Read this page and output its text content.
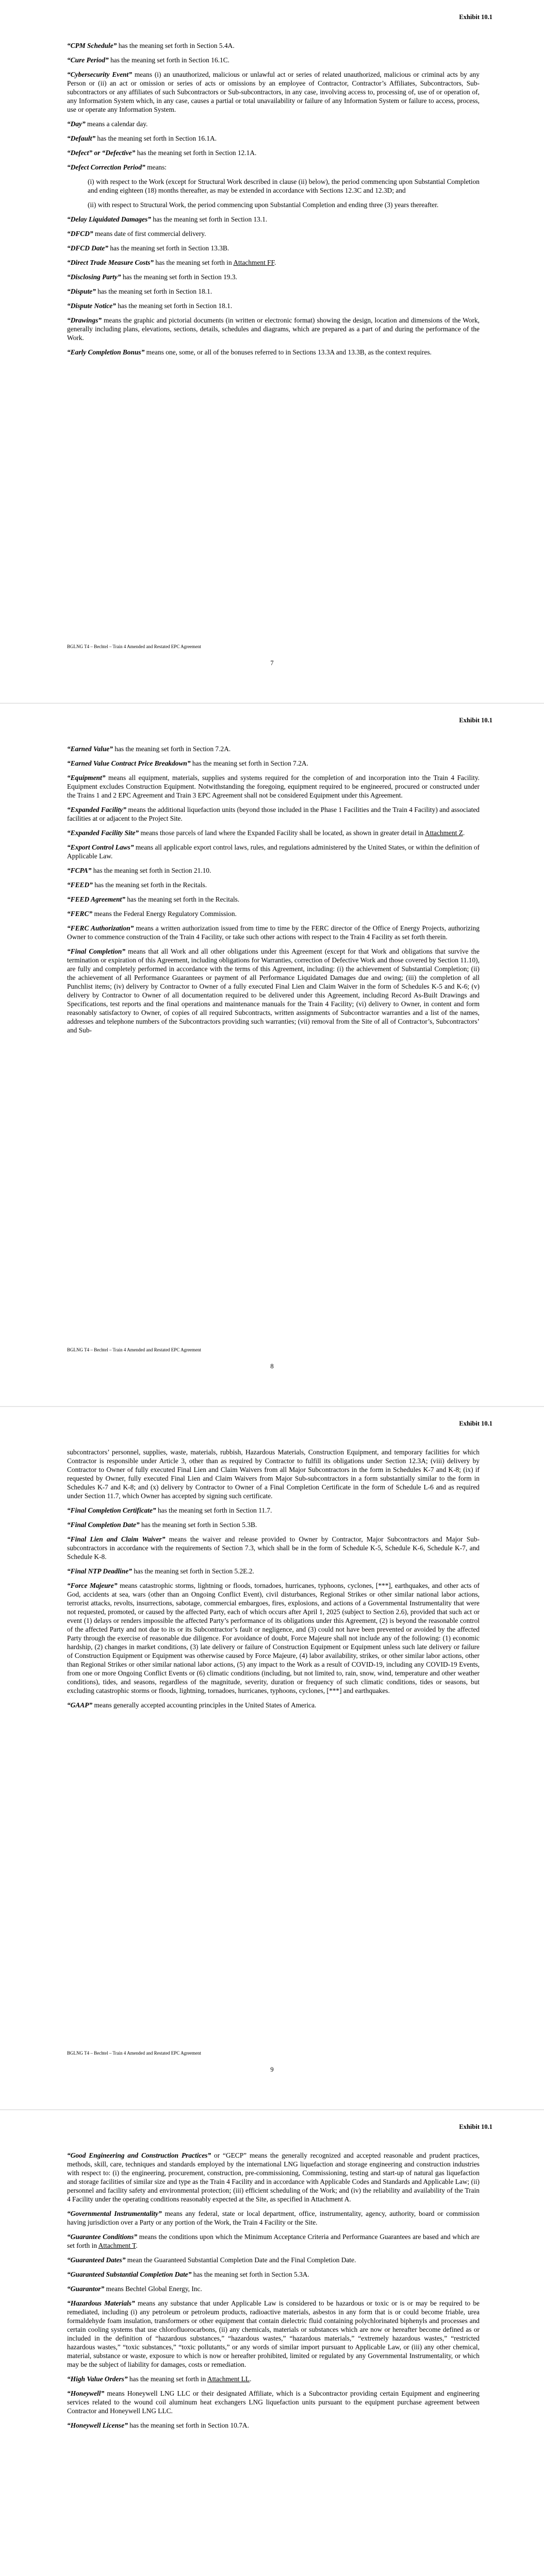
Exhibit 10.1

“CPM Schedule” has the meaning set forth in Section 5.4A.

“Cure Period” has the meaning set forth in Section 16.1C.

“Cybersecurity Event” means (i) an unauthorized, malicious or unlawful act or series of related unauthorized, malicious or criminal acts by any Person or (ii) an act or omission or series of acts or omissions by an employee of Contractor, Contractor’s Affiliates, Subcontractors, Sub-subcontractors or any affiliates of such Subcontractors or Sub-subcontractors, in any case, involving access to, processing of, use of or operation of, any Information System which, in any case, causes a partial or total unavailability or failure of any Information System or failure to access, process, use or operate any Information System.

“Day” means a calendar day.

“Default” has the meaning set forth in Section 16.1A.

“Defect” or “Defective” has the meaning set forth in Section 12.1A.

“Defect Correction Period” means:

(i) with respect to the Work (except for Structural Work described in clause (ii) below), the period commencing upon Substantial Completion and ending eighteen (18) months thereafter, as may be extended in accordance with Sections 12.3C and 12.3D; and

(ii) with respect to Structural Work, the period commencing upon Substantial Completion and ending three (3) years thereafter.

“Delay Liquidated Damages” has the meaning set forth in Section 13.1.

“DFCD” means date of first commercial delivery.

“DFCD Date” has the meaning set forth in Section 13.3B.

“Direct Trade Measure Costs” has the meaning set forth in Attachment FF.

“Disclosing Party” has the meaning set forth in Section 19.3.

“Dispute” has the meaning set forth in Section 18.1.

“Dispute Notice” has the meaning set forth in Section 18.1.

“Drawings” means the graphic and pictorial documents (in written or electronic format) showing the design, location and dimensions of the Work, generally including plans, elevations, sections, details, schedules and diagrams, which are prepared as a part of and during the performance of the Work.

“Early Completion Bonus” means one, some, or all of the bonuses referred to in Sections 13.3A and 13.3B, as the context requires.

BGLNG T4 – Bechtel – Train 4 Amended and Restated EPC Agreement
7
Exhibit 10.1

“Earned Value” has the meaning set forth in Section 7.2A.

“Earned Value Contract Price Breakdown” has the meaning set forth in Section 7.2A.

“Equipment” means all equipment, materials, supplies and systems required for the completion of and incorporation into the Train 4 Facility. Equipment excludes Construction Equipment. Notwithstanding the foregoing, equipment required to be engineered, procured or constructed under the Trains 1 and 2 EPC Agreement and Train 3 EPC Agreement shall not be considered Equipment under this Agreement.

“Expanded Facility” means the additional liquefaction units (beyond those included in the Phase 1 Facilities and the Train 4 Facility) and associated facilities at or adjacent to the Project Site.

“Expanded Facility Site” means those parcels of land where the Expanded Facility shall be located, as shown in greater detail in Attachment Z.

“Export Control Laws” means all applicable export control laws, rules, and regulations administered by the United States, or within the definition of Applicable Law.

“FCPA” has the meaning set forth in Section 21.10.

“FEED” has the meaning set forth in the Recitals.

“FEED Agreement” has the meaning set forth in the Recitals.

“FERC” means the Federal Energy Regulatory Commission.

“FERC Authorization” means a written authorization issued from time to time by the FERC director of the Office of Energy Projects, authorizing Owner to commence construction of the Train 4 Facility, or take such other actions with respect to the Train 4 Facility as set forth therein.

“Final Completion” means that all Work and all other obligations under this Agreement (except for that Work and obligations that survive the termination or expiration of this Agreement, including obligations for Warranties, correction of Defective Work and those covered by Section 11.10), are fully and completely performed in accordance with the terms of this Agreement, including: (i) the achievement of Substantial Completion; (ii) the achievement of all Performance Guarantees or payment of all Performance Liquidated Damages due and owing; (iii) the completion of all Punchlist items; (iv) delivery by Contractor to Owner of a fully executed Final Lien and Claim Waiver in the form of Schedules K-5 and K-6; (v) delivery by Contractor to Owner of all documentation required to be delivered under this Agreement, including Record As-Built Drawings and Specifications, test reports and the final operations and maintenance manuals for the Train 4 Facility; (vi) delivery to Owner, in content and form reasonably satisfactory to Owner, of copies of all required Subcontracts, written assignments of Subcontractor warranties and a list of the names, addresses and telephone numbers of the Subcontractors providing such warranties; (vii) removal from the Site of all of Contractor’s, Subcontractors’ and Sub-

BGLNG T4 – Bechtel – Train 4 Amended and Restated EPC Agreement
8
Exhibit 10.1

subcontractors’ personnel, supplies, waste, materials, rubbish, Hazardous Materials, Construction Equipment, and temporary facilities for which Contractor is responsible under Article 3, other than as required by Contractor to fulfill its obligations under Section 12.3A; (viii) delivery by Contractor to Owner of fully executed Final Lien and Claim Waivers from all Major Subcontractors in the form in Schedules K-7 and K-8; (ix) if requested by Owner, fully executed Final Lien and Claim Waivers from Major Sub-subcontractors in a form substantially similar to the form in Schedules K-7 and K-8; and (x) delivery by Contractor to Owner of a Final Completion Certificate in the form of Schedule L-6 and as required under Section 11.7, which Owner has accepted by signing such certificate.

“Final Completion Certificate” has the meaning set forth in Section 11.7.

“Final Completion Date” has the meaning set forth in Section 5.3B.

“Final Lien and Claim Waiver” means the waiver and release provided to Owner by Contractor, Major Subcontractors and Major Sub-subcontractors in accordance with the requirements of Section 7.3, which shall be in the form of Schedule K-5, Schedule K-6, Schedule K-7, and Schedule K-8.

“Final NTP Deadline” has the meaning set forth in Section 5.2E.2.

“Force Majeure” means catastrophic storms, lightning or floods, tornadoes, hurricanes, typhoons, cyclones, [***], earthquakes, and other acts of God, accidents at sea, wars (other than an Ongoing Conflict Event), civil disturbances, Regional Strikes or other similar national labor actions, terrorist attacks, revolts, insurrections, sabotage, commercial embargoes, fires, explosions, and actions of a Governmental Instrumentality that were not requested, promoted, or caused by the affected Party, each of which occurs after April 1, 2025 (subject to Section 2.6), provided that such act or event (1) delays or renders impossible the affected Party’s performance of its obligations under this Agreement, (2) is beyond the reasonable control of the affected Party and not due to its or its Subcontractor’s fault or negligence, and (3) could not have been prevented or avoided by the affected Party through the exercise of reasonable due diligence. For avoidance of doubt, Force Majeure shall not include any of the following: (1) economic hardship, (2) changes in market conditions, (3) late delivery or failure of Construction Equipment or Equipment unless such late delivery or failure of Construction Equipment or Equipment was otherwise caused by Force Majeure, (4) labor availability, strikes, or other similar labor actions, other than Regional Strikes or other similar national labor actions, (5) any impact to the Work as a result of COVID-19, including any COVID-19 Events, from one or more Ongoing Conflict Events or (6) climatic conditions (including, but not limited to, rain, snow, wind, temperature and other weather conditions), tides, and seasons, regardless of the magnitude, severity, duration or frequency of such climatic conditions, tides or seasons, but excluding catastrophic storms or floods, lightning, tornadoes, hurricanes, typhoons, cyclones, [***] and earthquakes.

“GAAP” means generally accepted accounting principles in the United States of America.

BGLNG T4 – Bechtel – Train 4 Amended and Restated EPC Agreement
9
Exhibit 10.1

“Good Engineering and Construction Practices” or “GECP” means the generally recognized and accepted reasonable and prudent practices, methods, skill, care, techniques and standards employed by the international LNG liquefaction and storage engineering and construction industries with respect to: (i) the engineering, procurement, construction, pre-commissioning, Commissioning, testing and start-up of natural gas liquefaction and storage facilities of similar size and type as the Train 4 Facility and in accordance with Applicable Codes and Standards and Applicable Law; (ii) personnel and facility safety and environmental protection; (iii) efficient scheduling of the Work; and (iv) the reliability and availability of the Train 4 Facility under the operating conditions reasonably expected at the Site, as specified in Attachment A.

“Governmental Instrumentality” means any federal, state or local department, office, instrumentality, agency, authority, board or commission having jurisdiction over a Party or any portion of the Work, the Train 4 Facility or the Site.

“Guarantee Conditions” means the conditions upon which the Minimum Acceptance Criteria and Performance Guarantees are based and which are set forth in Attachment T.

“Guaranteed Dates” mean the Guaranteed Substantial Completion Date and the Final Completion Date.

“Guaranteed Substantial Completion Date” has the meaning set forth in Section 5.3A.

“Guarantor” means Bechtel Global Energy, Inc.

“Hazardous Materials” means any substance that under Applicable Law is considered to be hazardous or toxic or is or may be required to be remediated, including (i) any petroleum or petroleum products, radioactive materials, asbestos in any form that is or could become friable, urea formaldehyde foam insulation, transformers or other equipment that contain dielectric fluid containing polychlorinated biphenyls and processes and certain cooling systems that use chlorofluorocarbons, (ii) any chemicals, materials or substances which are now or hereafter become defined as or included in the definition of “hazardous substances,” “hazardous wastes,” “hazardous materials,” “extremely hazardous wastes,” “restricted hazardous wastes,” “toxic substances,” “toxic pollutants,” or any words of similar import pursuant to Applicable Law, or (iii) any other chemical, material, substance or waste, exposure to which is now or hereafter prohibited, limited or regulated by any Governmental Instrumentality, or which may be the subject of liability for damages, costs or remediation.

“High Value Orders” has the meaning set forth in Attachment LL.

“Honeywell” means Honeywell LNG LLC or their designated Affiliate, which is a Subcontractor providing certain Equipment and engineering services related to the wound coil aluminum heat exchangers LNG liquefaction units pursuant to the equipment purchase agreement between Contractor and Honeywell LNG LLC.

“Honeywell License” has the meaning set forth in Section 10.7A.
